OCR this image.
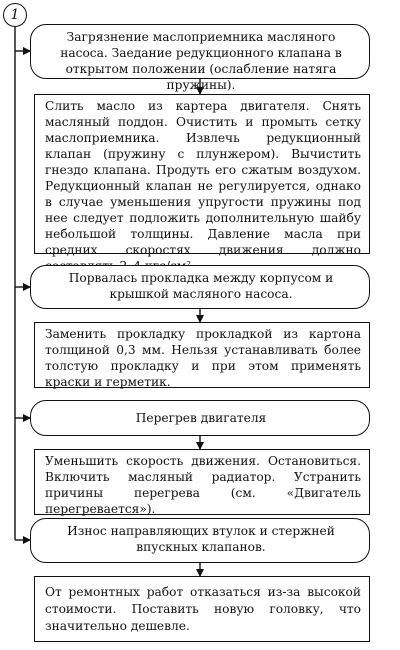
1
Загрязнение маслоприемника масляного насоса. Заедание редукционного клапана в открытом положении (ослабление натяга пружины).
Слить масло из картера двигателя. Снять масляный поддон. Очистить и промыть сетку маслоприемника. Извлечь редукционный клапан (пружину с плунжером). Вычистить гнездо клапана. Продуть его сжатым воздухом. Редукционный клапан не регулируется, однако в случае уменьшения упругости пружины под нее следует подложить дополнительную шайбу небольшой толщины. Давление масла при средних скоростях движения должно
Порвалась прокладка между корпусом и крышкой масляного насоса.
Заменить прокладку прокладкой из картона толщиной 0,3 мм. Нельзя устанавливать более толстую прокладку и при этом применять краски и герметик.
Перегрев двигателя
Уменьшить скорость движения. Остановиться. Включить масляный радиатор. Устранить причины перегрева (см. «Двигатель перегревается»).
Износ направляющих втулок и стержней впускных клапанов.
От ремонтных работ отказаться из-за высокой стоимости. Поставить новую головку, что значительно дешевле.
